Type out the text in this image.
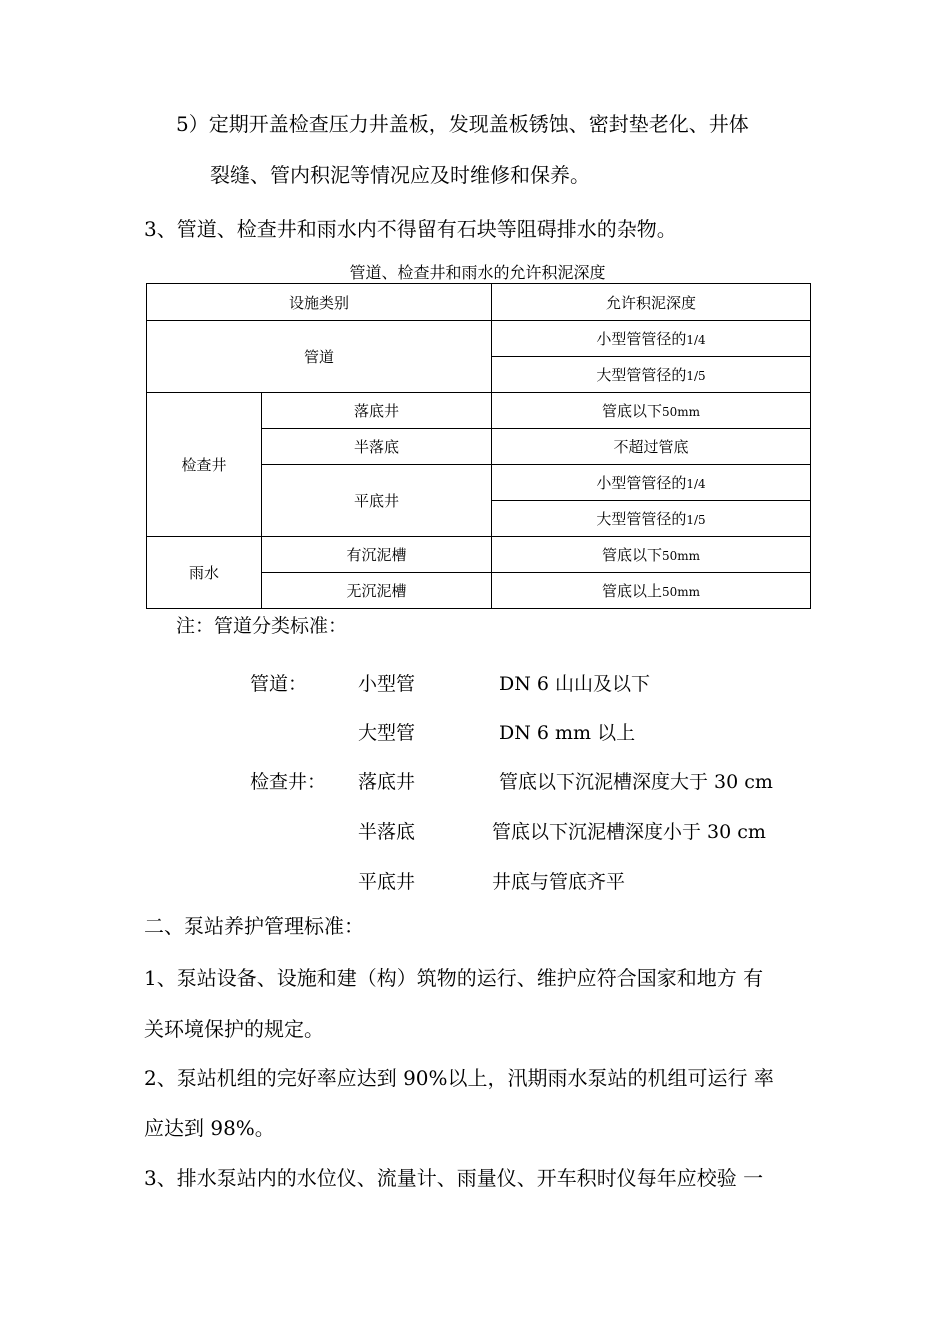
5）定期开盖检查压力井盖板，发现盖板锈蚀、密封垫老化、井体
裂缝、管内积泥等情况应及时维修和保养。
3、管道、检查井和雨水内不得留有石块等阻碍排水的杂物。
管道、检查井和雨水的允许积泥深度
设施类别		允许积泥深度
管道		小型管管径的1/4
		大型管管径的1/5
检查井	落底井	管底以下50mm
	半落底	不超过管底
	平底井	小型管管径的1/4
		大型管管径的1/5
雨水	有沉泥槽	管底以下50mm
	无沉泥槽	管底以上50mm
注：管道分类标准：
管道：	小型管	DN 6 山山及以下
大型管	DN 6 mm 以上
检查井： 落底井	管底以下沉泥槽深度大于 30 cm
半落底	管底以下沉泥槽深度小于 30 cm
平底井	井底与管底齐平
二、泵站养护管理标准：
1、泵站设备、设施和建（构）筑物的运行、维护应符合国家和地方 有
关环境保护的规定。
2、泵站机组的完好率应达到 90%以上，汛期雨水泵站的机组可运行 率
应达到 98%。
3、排水泵站内的水位仪、流量计、雨量仪、开车积时仪每年应校验 一
